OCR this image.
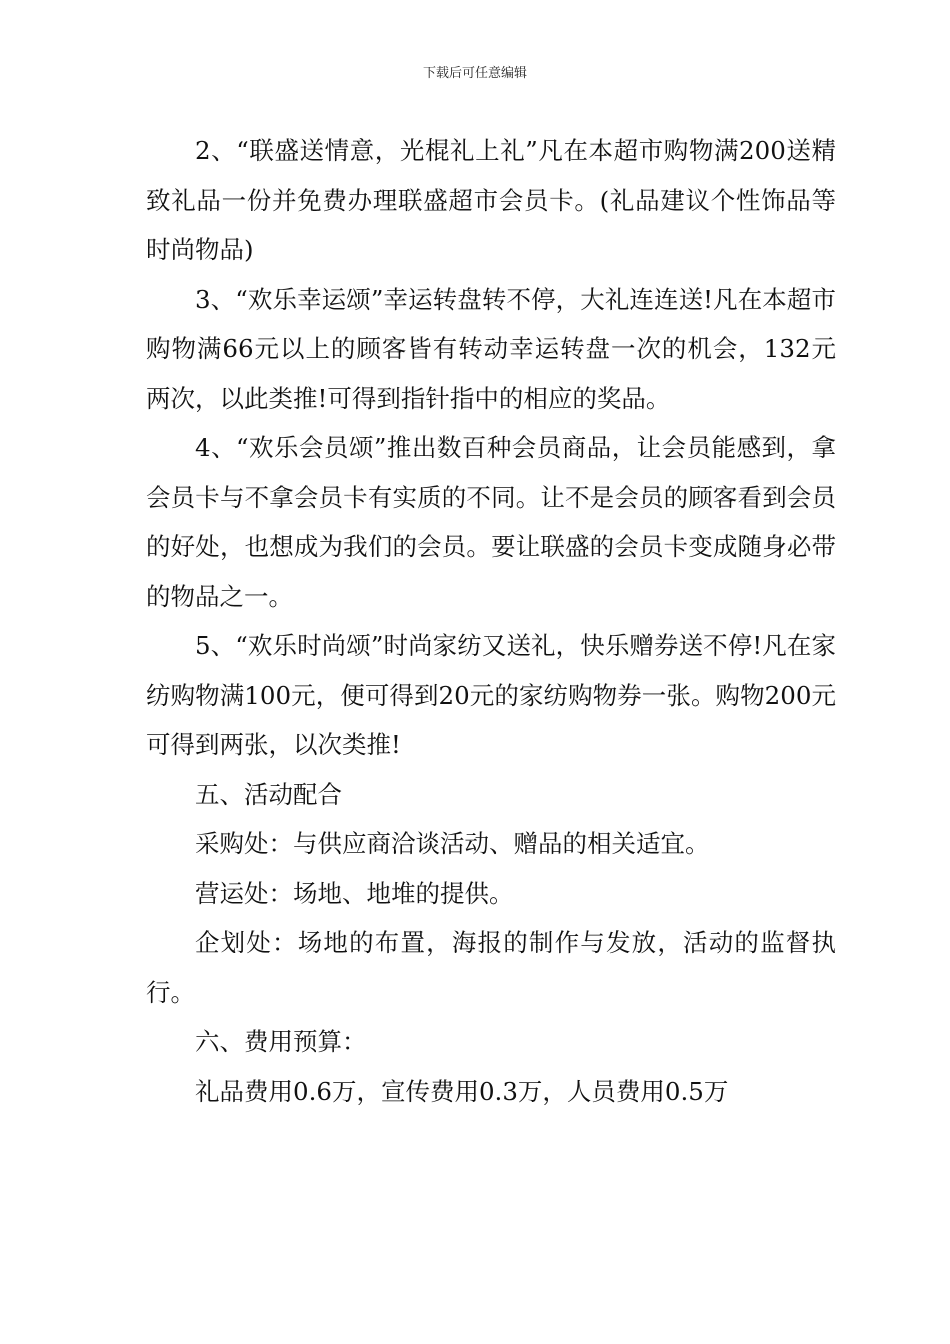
下载后可任意编辑

2、“联盛送情意，光棍礼上礼”凡在本超市购物满200送精致礼品一份并免费办理联盛超市会员卡。(礼品建议个性饰品等时尚物品)

3、“欢乐幸运颂”幸运转盘转不停，大礼连连送!凡在本超市购物满66元以上的顾客皆有转动幸运转盘一次的机会，132元两次，以此类推!可得到指针指中的相应的奖品。

4、“欢乐会员颂”推出数百种会员商品，让会员能感到，拿会员卡与不拿会员卡有实质的不同。让不是会员的顾客看到会员的好处，也想成为我们的会员。要让联盛的会员卡变成随身必带的物品之一。

5、“欢乐时尚颂”时尚家纺又送礼，快乐赠券送不停!凡在家纺购物满100元，便可得到20元的家纺购物券一张。购物200元可得到两张，以次类推!

五、活动配合

采购处：与供应商洽谈活动、赠品的相关适宜。

营运处：场地、地堆的提供。

企划处：场地的布置，海报的制作与发放，活动的监督执行。

六、费用预算：

礼品费用0.6万，宣传费用0.3万，人员费用0.5万
